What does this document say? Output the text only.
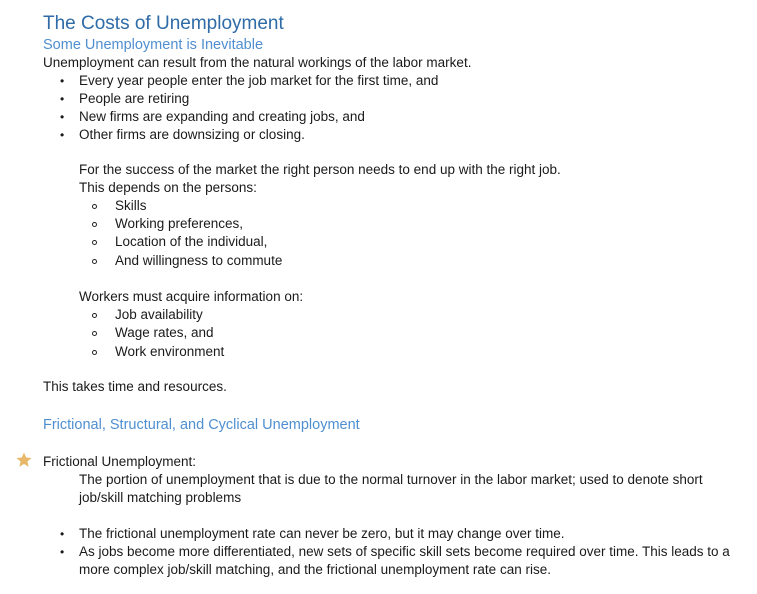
The Costs of Unemployment
Some Unemployment is Inevitable
Unemployment can result from the natural workings of the labor market.
• Every year people enter the job market for the first time, and
• People are retiring
• New firms are expanding and creating jobs, and
• Other firms are downsizing or closing.
For the success of the market the right person needs to end up with the right job.
This depends on the persons:
Skills
Working preferences,
Location of the individual,
And willingness to commute
Workers must acquire information on:
Job availability
Wage rates, and
Work environment
This takes time and resources.
Frictional, Structural, and Cyclical Unemployment
Frictional Unemployment:
The portion of unemployment that is due to the normal turnover in the labor market; used to denote short
job/skill matching problems
• The frictional unemployment rate can never be zero, but it may change over time.
• As jobs become more differentiated, new sets of specific skill sets become required over time. This leads to a
more complex job/skill matching, and the frictional unemployment rate can rise.
